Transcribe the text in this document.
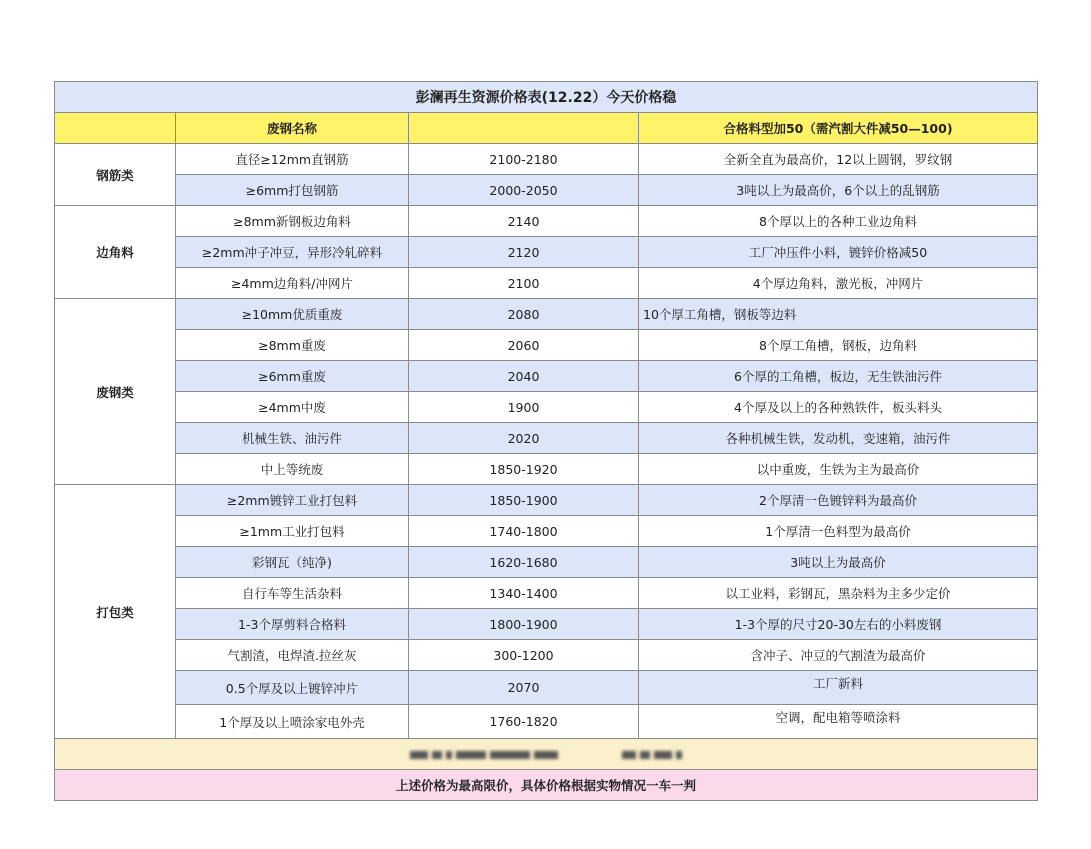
彭澜再生资源价格表(12.22）今天价格稳			
	废钢名称		合格料型加50（需汽割大件减50—100)
钢筋类	直径≥12mm直钢筋	2100-2180	全新全直为最高价，12以上圆钢，罗纹钢
	≥6mm打包钢筋	2000-2050	3吨以上为最高价，6个以上的乱钢筋
边角料	≥8mm新钢板边角料	2140	8个厚以上的各种工业边角料
	≥2mm冲子冲豆，异形冷轧碎料	2120	工厂冲压件小料，镀锌价格减50
	≥4mm边角料/冲网片	2100	4个厚边角料，激光板，冲网片
废钢类	≥10mm优质重废	2080	10个厚工角槽，钢板等边料
	≥8mm重废	2060	8个厚工角槽，钢板，边角料
	≥6mm重废	2040	6个厚的工角槽，板边，无生铁油污件
	≥4mm中废	1900	4个厚及以上的各种熟铁件，板头料头
	机械生铁、油污件	2020	各种机械生铁，发动机，变速箱，油污件
	中上等统废	1850-1920	以中重废，生铁为主为最高价
打包类	≥2mm镀锌工业打包料	1850-1900	2个厚清一色镀锌料为最高价
	≥1mm工业打包料	1740-1800	1个厚清一色料型为最高价
	彩钢瓦（纯净)	1620-1680	3吨以上为最高价
	自行车等生活杂料	1340-1400	以工业料，彩钢瓦，黑杂料为主多少定价
	1-3个厚剪料合格料	1800-1900	1-3个厚的尺寸20-30左右的小料废钢
	气割渣，电焊渣.拉丝灰	300-1200	含冲子、冲豆的气割渣为最高价
	0.5个厚及以上镀锌冲片	2070	工厂新料
	1个厚及以上喷涂家电外壳	1760-1820	空调，配电箱等喷涂料

上述价格为最高限价，具体价格根据实物情况一车一判			
